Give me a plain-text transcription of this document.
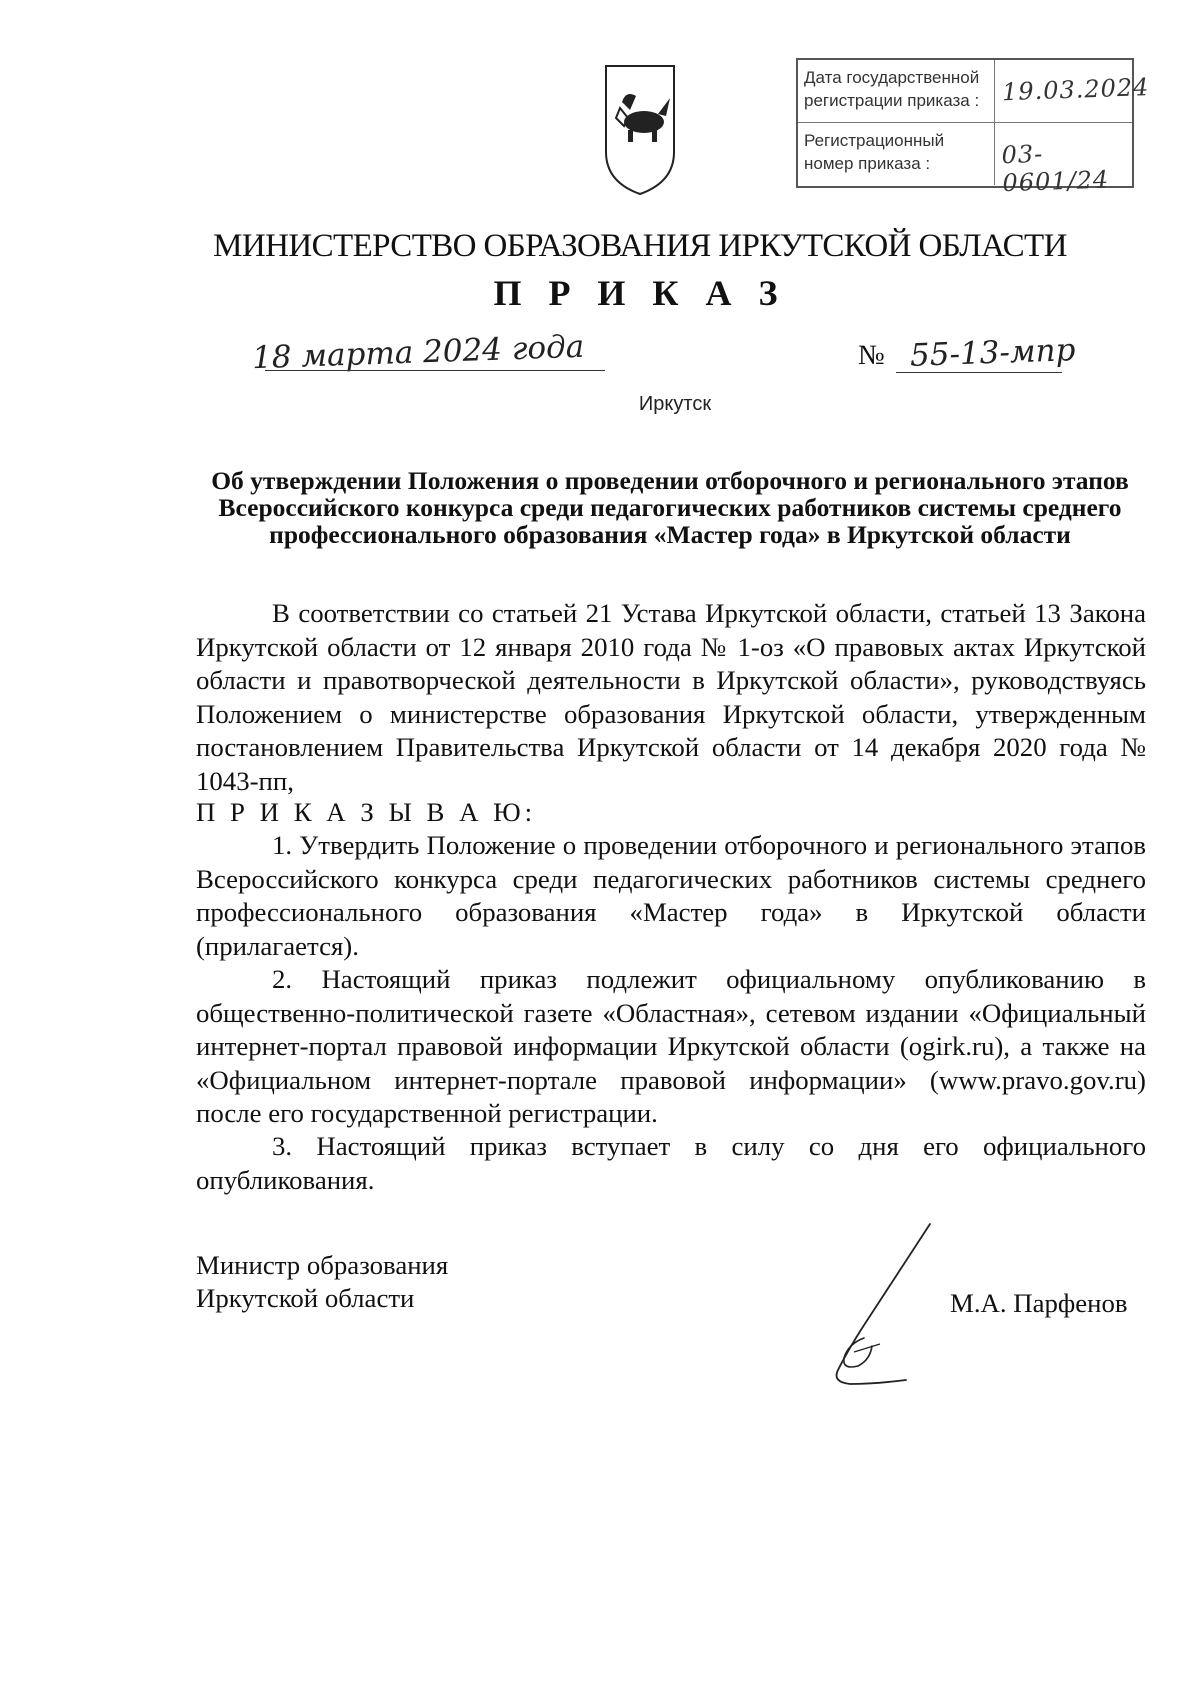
Дата государственной
регистрации приказа : 19.03.2024
Регистрационный
номер приказа :	03-0601/24
МИНИСТЕРСТВО ОБРАЗОВАНИЯ ИРКУТСКОЙ ОБЛАСТИ
П Р И К А З
18 марта 2024 года	№ 55-13-мпр
Иркутск
Об утверждении Положения о проведении отборочного и регионального этапов Всероссийского конкурса среди педагогических работников системы среднего профессионального образования «Мастер года» в Иркутской области
В соответствии со статьей 21 Устава Иркутской области, статьей 13 Закона Иркутской области от 12 января 2010 года № 1-оз «О правовых актах Иркутской области и правотворческой деятельности в Иркутской области», руководствуясь Положением о министерстве образования Иркутской области, утвержденным постановлением Правительства Иркутской области от 14 декабря 2020 года № 1043-пп,
П Р И К А З Ы В А Ю:
1. Утвердить Положение о проведении отборочного и регионального этапов Всероссийского конкурса среди педагогических работников системы среднего профессионального образования «Мастер года» в Иркутской области (прилагается).
2. Настоящий приказ подлежит официальному опубликованию в общественно-политической газете «Областная», сетевом издании «Официальный интернет-портал правовой информации Иркутской области (ogirk.ru), а также на «Официальном интернет-портале правовой информации» (www.pravo.gov.ru) после его государственной регистрации.
3. Настоящий приказ вступает в силу со дня его официального опубликования.
Министр образования
Иркутской области	М.А. Парфенов
